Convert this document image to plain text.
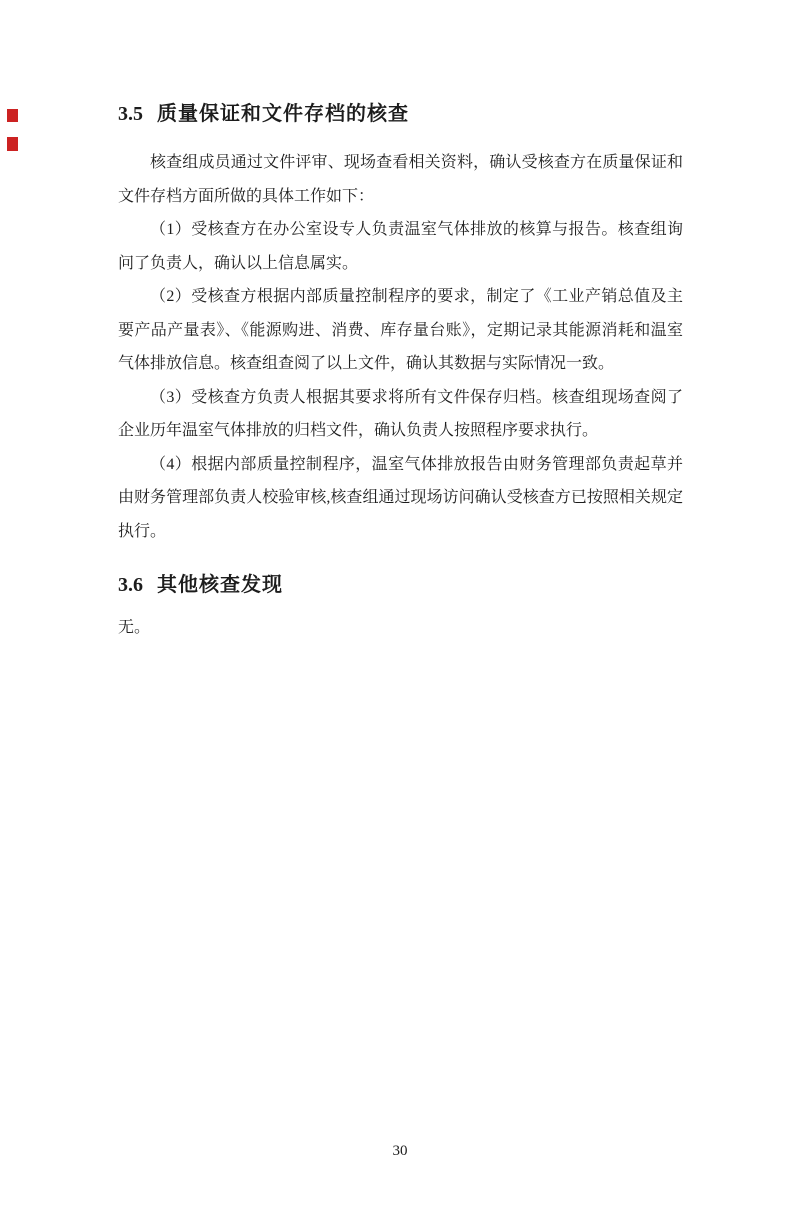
3.5 质量保证和文件存档的核查

核查组成员通过文件评审、现场查看相关资料，确认受核查方在质量保证和文件存档方面所做的具体工作如下：

（1）受核查方在办公室设专人负责温室气体排放的核算与报告。核查组询问了负责人，确认以上信息属实。

（2）受核查方根据内部质量控制程序的要求，制定了《工业产销总值及主要产品产量表》、《能源购进、消费、库存量台账》，定期记录其能源消耗和温室气体排放信息。核查组查阅了以上文件，确认其数据与实际情况一致。

（3）受核查方负责人根据其要求将所有文件保存归档。核查组现场查阅了企业历年温室气体排放的归档文件，确认负责人按照程序要求执行。

（4）根据内部质量控制程序，温室气体排放报告由财务管理部负责起草并由财务管理部负责人校验审核,核查组通过现场访问确认受核查方已按照相关规定执行。

3.6 其他核查发现

无。

30
